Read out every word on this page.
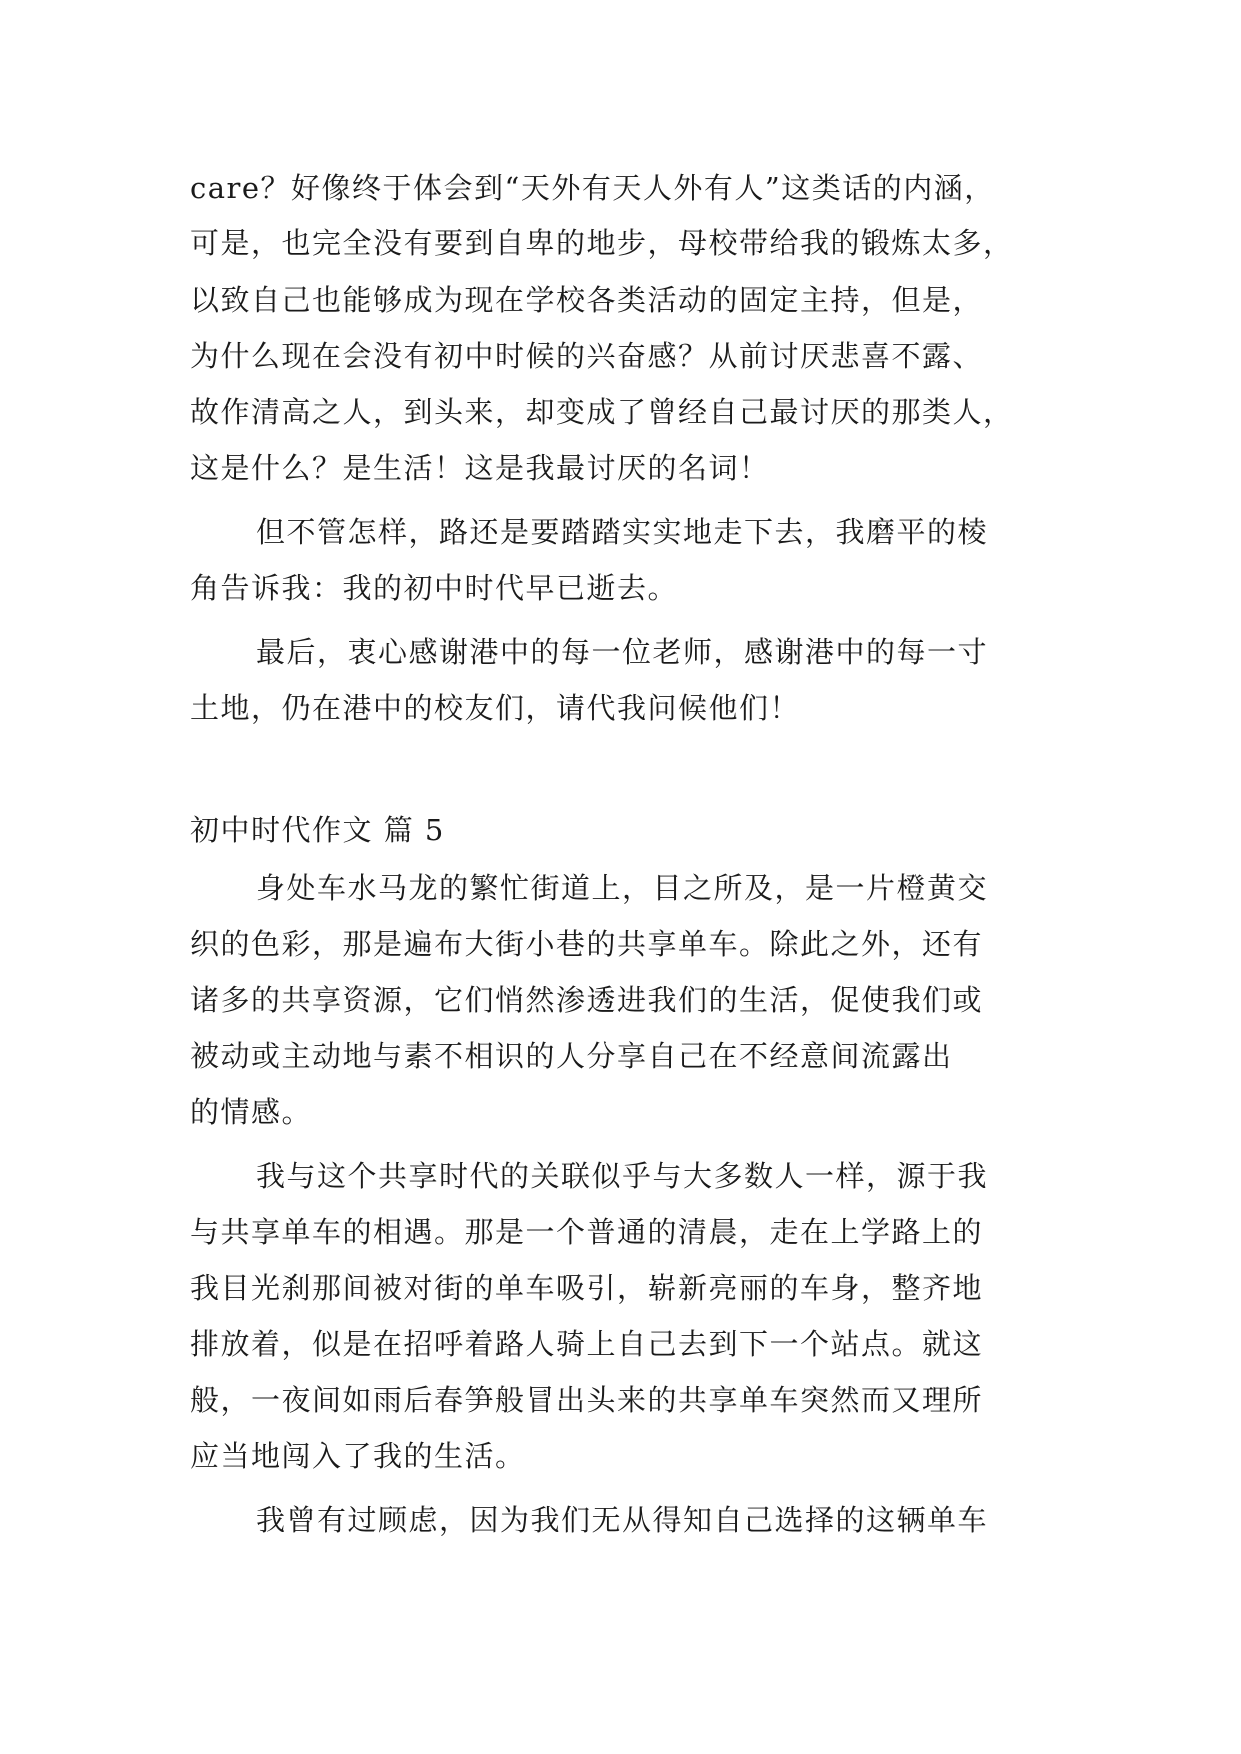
care？好像终于体会到“天外有天人外有人”这类话的内涵，
可是，也完全没有要到自卑的地步，母校带给我的锻炼太多，
以致自己也能够成为现在学校各类活动的固定主持，但是，
为什么现在会没有初中时候的兴奋感？从前讨厌悲喜不露、
故作清高之人，到头来，却变成了曾经自己最讨厌的那类人，
这是什么？是生活！这是我最讨厌的名词！
但不管怎样，路还是要踏踏实实地走下去，我磨平的棱
角告诉我：我的初中时代早已逝去。
最后，衷心感谢港中的每一位老师，感谢港中的每一寸
土地，仍在港中的校友们，请代我问候他们！
初中时代作文 篇 5
身处车水马龙的繁忙街道上，目之所及，是一片橙黄交
织的色彩，那是遍布大街小巷的共享单车。除此之外，还有
诸多的共享资源，它们悄然渗透进我们的生活，促使我们或
被动或主动地与素不相识的人分享自己在不经意间流露出
的情感。
我与这个共享时代的关联似乎与大多数人一样，源于我
与共享单车的相遇。那是一个普通的清晨，走在上学路上的
我目光刹那间被对街的单车吸引，崭新亮丽的车身，整齐地
排放着，似是在招呼着路人骑上自己去到下一个站点。就这
般，一夜间如雨后春笋般冒出头来的共享单车突然而又理所
应当地闯入了我的生活。
我曾有过顾虑，因为我们无从得知自己选择的这辆单车
